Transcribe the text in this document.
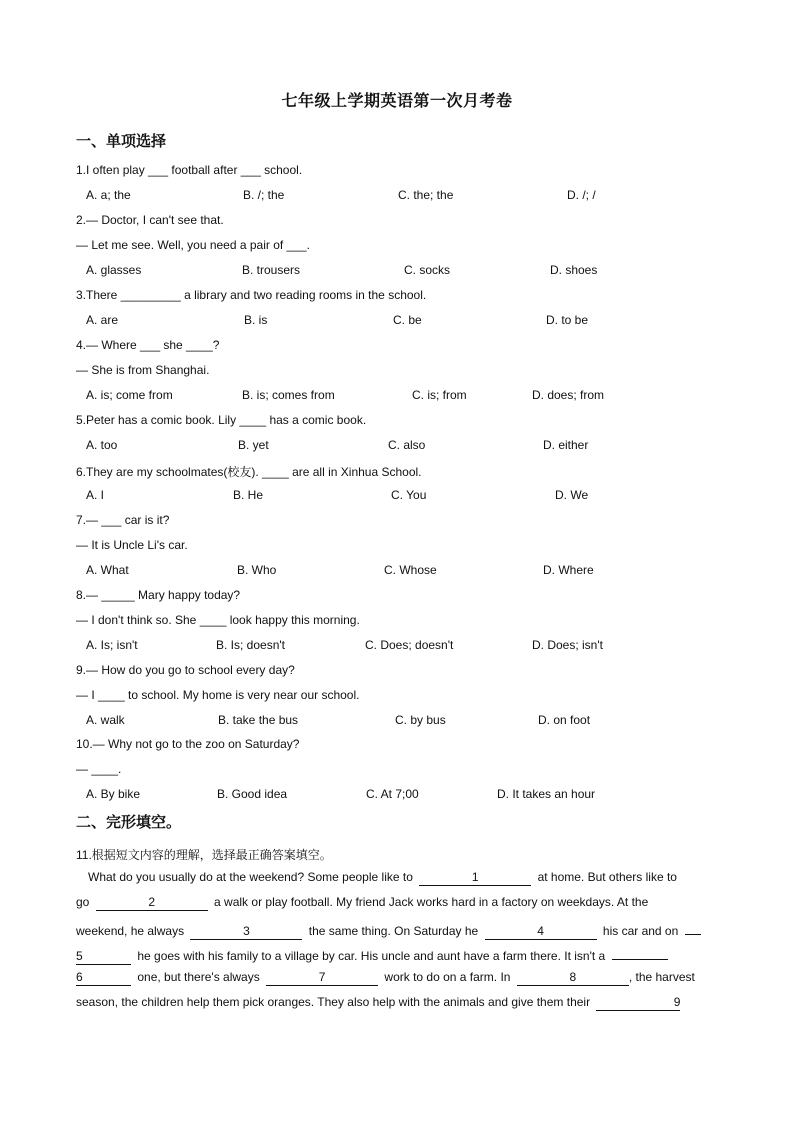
七年级上学期英语第一次月考卷
一、单项选择
1.I often play ___ football after ___ school.
A. a; the	B. /; the	C. the; the	D. /; /
2.— Doctor, I can't see that.
— Let me see. Well, you need a pair of ___.
A. glasses	B. trousers	C. socks	D. shoes
3.There _________ a library and two reading rooms in the school.
A. are	B. is	C. be	D. to be
4.— Where ___ she ____?
— She is from Shanghai.
A. is; come from	B. is; comes from	C. is; from	D. does; from
5.Peter has a comic book. Lily ____ has a comic book.
A. too	B. yet	C. also	D. either
6.They are my schoolmates(校友). ____ are all in Xinhua School.
A. I	B. He	C. You	D. We
7.— ___ car is it?
— It is Uncle Li's car.
A. What	B. Who	C. Whose	D. Where
8.— _____ Mary happy today?
— I don't think so. She ____ look happy this morning.
A. Is; isn't	B. Is; doesn't	C. Does; doesn't	D. Does; isn't
9.— How do you go to school every day?
— I ____ to school. My home is very near our school.
A. walk	B. take the bus	C. by bus	D. on foot
10.— Why not go to the zoo on Saturday?
— ____.
A. By bike	B. Good idea	C. At 7;00	D. It takes an hour
二、完形填空。
11.根据短文内容的理解，选择最正确答案填空。
What do you usually do at the weekend? Some people like to	1	at home. But others like to
go	2	a walk or play football. My friend Jack works hard in a factory on weekdays. At the
weekend, he always	3	the same thing. On Saturday he	4	his car and on
5	he goes with his family to a village by car. His uncle and aunt have a farm there. It isn't a
6	one, but there's always	7	work to do on a farm. In	8	, the harvest
season, the children help them pick oranges. They also help with the animals and give them their	9
